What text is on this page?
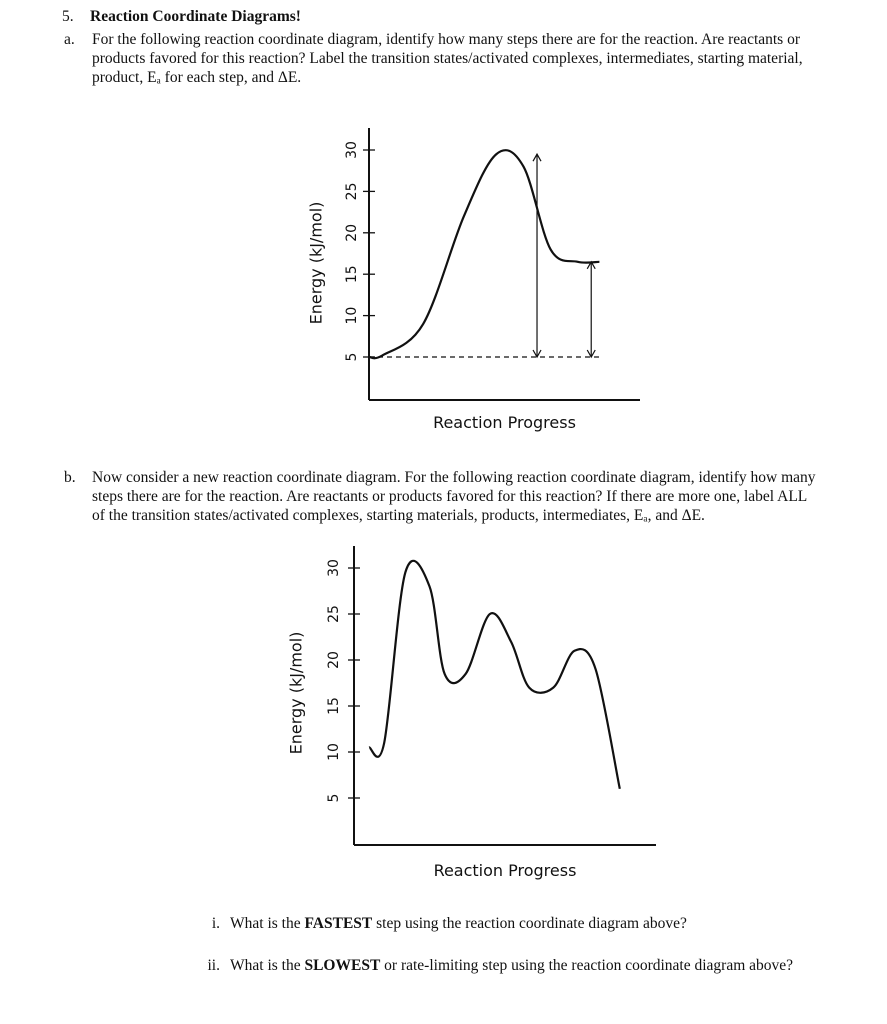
5. Reaction Coordinate Diagrams!
a. For the following reaction coordinate diagram, identify how many steps there are for the reaction. Are reactants or
products favored for this reaction? Label the transition states/activated complexes, intermediates, starting material,
product, Eₐ for each step, and ΔE.
b. Now consider a new reaction coordinate diagram. For the following reaction coordinate diagram, identify how many
steps there are for the reaction. Are reactants or products favored for this reaction? If there are more one, label ALL
of the transition states/activated complexes, starting materials, products, intermediates, Eₐ, and ΔE.
i. What is the FASTEST step using the reaction coordinate diagram above?
ii. What is the SLOWEST or rate-limiting step using the reaction coordinate diagram above?
5
10
15
20
25
30
Energy (kJ/mol)
Reaction Progress
5
10
15
20
25
30
Energy (kJ/mol)
Reaction Progress
